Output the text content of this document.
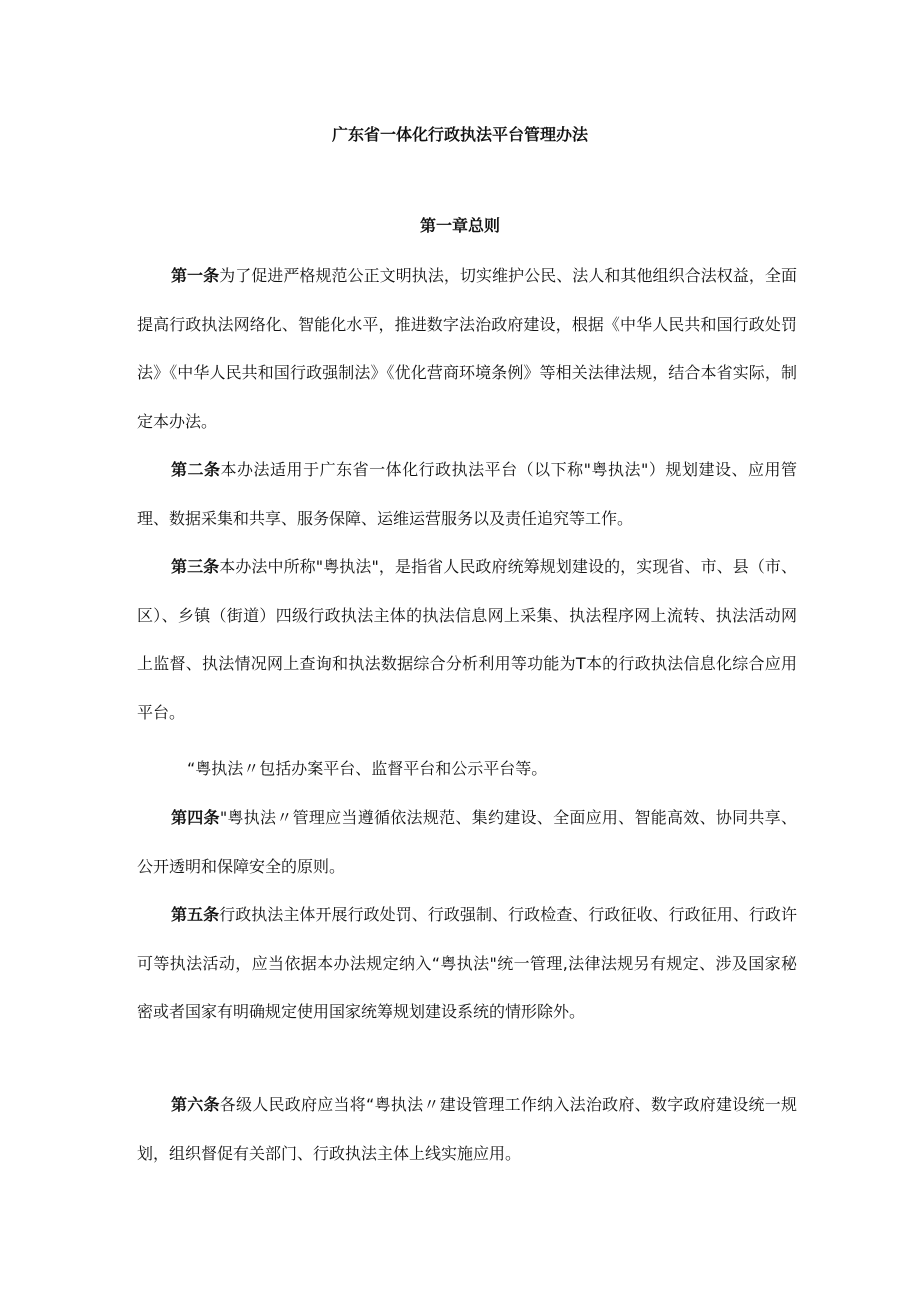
广东省一体化行政执法平台管理办法
第一章总则

第一条为了促进严格规范公正文明执法，切实维护公民、法人和其他组织合法权益，全面提高行政执法网络化、智能化水平，推进数字法治政府建设，根据《中华人民共和国行政处罚法》《中华人民共和国行政强制法》《优化营商环境条例》等相关法律法规，结合本省实际，制定本办法。

第二条本办法适用于广东省一体化行政执法平台（以下称"粤执法"）规划建设、应用管理、数据采集和共享、服务保障、运维运营服务以及责任追究等工作。

第三条本办法中所称"粤执法"，是指省人民政府统筹规划建设的，实现省、市、县（市、区）、乡镇（街道）四级行政执法主体的执法信息网上采集、执法程序网上流转、执法活动网上监督、执法情况网上查询和执法数据综合分析利用等功能为T本的行政执法信息化综合应用平台。

“粤执法〃包括办案平台、监督平台和公示平台等。

第四条"粤执法〃管理应当遵循依法规范、集约建设、全面应用、智能高效、协同共享、公开透明和保障安全的原则。

第五条行政执法主体开展行政处罚、行政强制、行政检查、行政征收、行政征用、行政许可等执法活动，应当依据本办法规定纳入“粤执法"统一管理,法律法规另有规定、涉及国家秘密或者国家有明确规定使用国家统筹规划建设系统的情形除外。

第六条各级人民政府应当将“粤执法〃建设管理工作纳入法治政府、数字政府建设统一规划，组织督促有关部门、行政执法主体上线实施应用。
